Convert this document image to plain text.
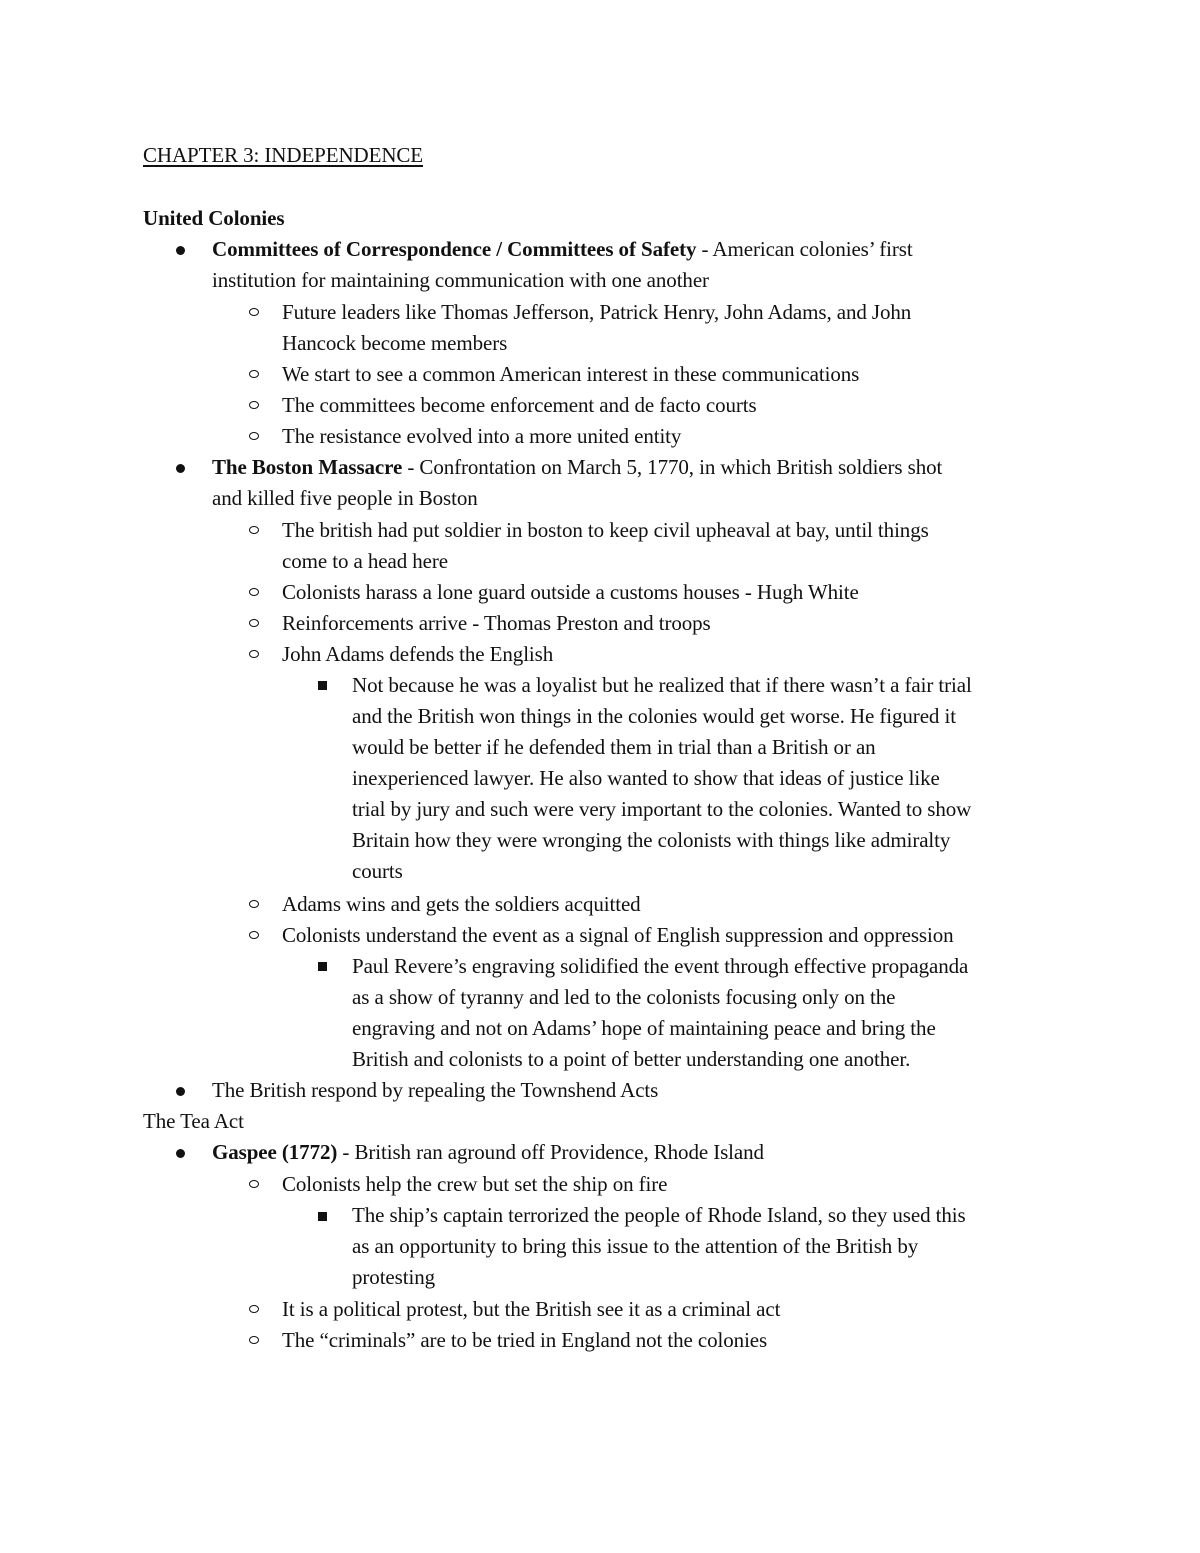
CHAPTER 3: INDEPENDENCE
United Colonies
Committees of Correspondence / Committees of Safety - American colonies’ first
institution for maintaining communication with one another
Future leaders like Thomas Jefferson, Patrick Henry, John Adams, and John
Hancock become members
We start to see a common American interest in these communications
The committees become enforcement and de facto courts
The resistance evolved into a more united entity
The Boston Massacre - Confrontation on March 5, 1770, in which British soldiers shot
and killed five people in Boston
The british had put soldier in boston to keep civil upheaval at bay, until things
come to a head here
Colonists harass a lone guard outside a customs houses - Hugh White
Reinforcements arrive - Thomas Preston and troops
John Adams defends the English
Not because he was a loyalist but he realized that if there wasn’t a fair trial
and the British won things in the colonies would get worse. He figured it
would be better if he defended them in trial than a British or an
inexperienced lawyer. He also wanted to show that ideas of justice like
trial by jury and such were very important to the colonies. Wanted to show
Britain how they were wronging the colonists with things like admiralty
courts
Adams wins and gets the soldiers acquitted
Colonists understand the event as a signal of English suppression and oppression
Paul Revere’s engraving solidified the event through effective propaganda
as a show of tyranny and led to the colonists focusing only on the
engraving and not on Adams’ hope of maintaining peace and bring the
British and colonists to a point of better understanding one another.
The British respond by repealing the Townshend Acts
The Tea Act
Gaspee (1772) - British ran aground off Providence, Rhode Island
Colonists help the crew but set the ship on fire
The ship’s captain terrorized the people of Rhode Island, so they used this
as an opportunity to bring this issue to the attention of the British by
protesting
It is a political protest, but the British see it as a criminal act
The “criminals” are to be tried in England not the colonies
